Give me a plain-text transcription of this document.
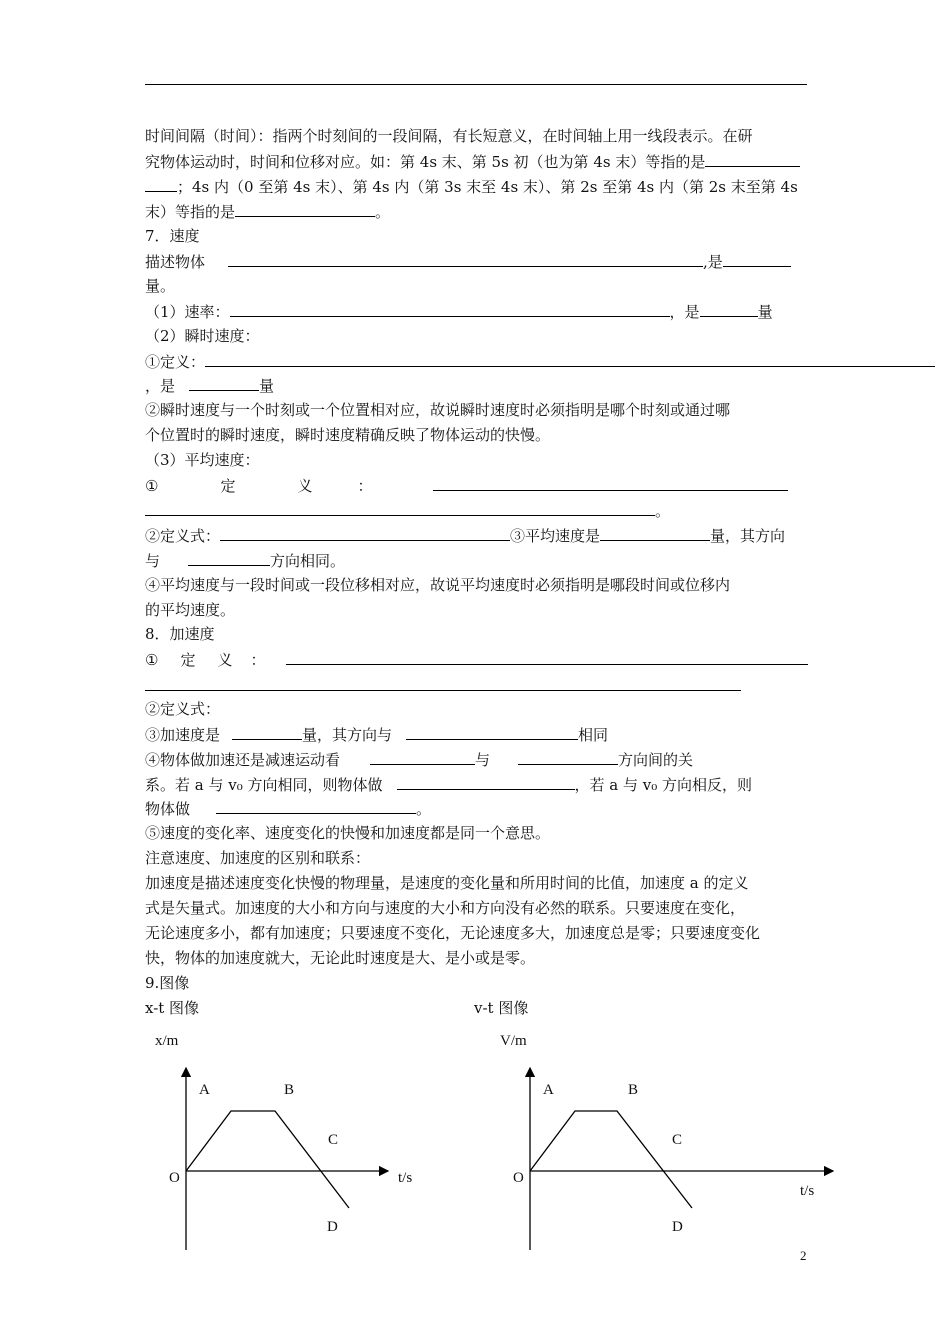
时间间隔（时间）：指两个时刻间的一段间隔，有长短意义，在时间轴上用一线段表示。在研
究物体运动时，时间和位移对应。如：第 4s 末、第 5s 初（也为第 4s 末）等指的是
；4s 内（0 至第 4s 末）、第 4s 内（第 3s 末至 4s 末）、第 2s 至第 4s 内（第 2s 末至第 4s
末）等指的是	。
7．速度
描述物体	,是
量。
（1）速率：	，是	量
（2）瞬时速度：
①定义：
，是	量
②瞬时速度与一个时刻或一个位置相对应，故说瞬时速度时必须指明是哪个时刻或通过哪
个位置时的瞬时速度，瞬时速度精确反映了物体运动的快慢。
（3）平均速度：
①	定	义	：
。
②定义式：	③平均速度是	量，其方向
与	方向相同。
④平均速度与一段时间或一段位移相对应，故说平均速度时必须指明是哪段时间或位移内
的平均速度。
8．加速度
① 定 义 ：
②定义式：
③加速度是	量，其方向与	相同
④物体做加速还是减速运动看	与	方向间的关
系。若 a 与 v₀ 方向相同，则物体做	，若 a 与 v₀ 方向相反，则
物体做	。
⑤速度的变化率、速度变化的快慢和加速度都是同一个意思。
注意速度、加速度的区别和联系：
加速度是描述速度变化快慢的物理量，是速度的变化量和所用时间的比值，加速度 a 的定义
式是矢量式。加速度的大小和方向与速度的大小和方向没有必然的联系。只要速度在变化，
无论速度多小，都有加速度；只要速度不变化，无论速度多大，加速度总是零；只要速度变化
快，物体的加速度就大，无论此时速度是大、是小或是零。
9.图像
x-t 图像	v-t 图像
x/m
A	B
C
D
O	t/s
V/m
A	B
C
D
O
t/s
2
